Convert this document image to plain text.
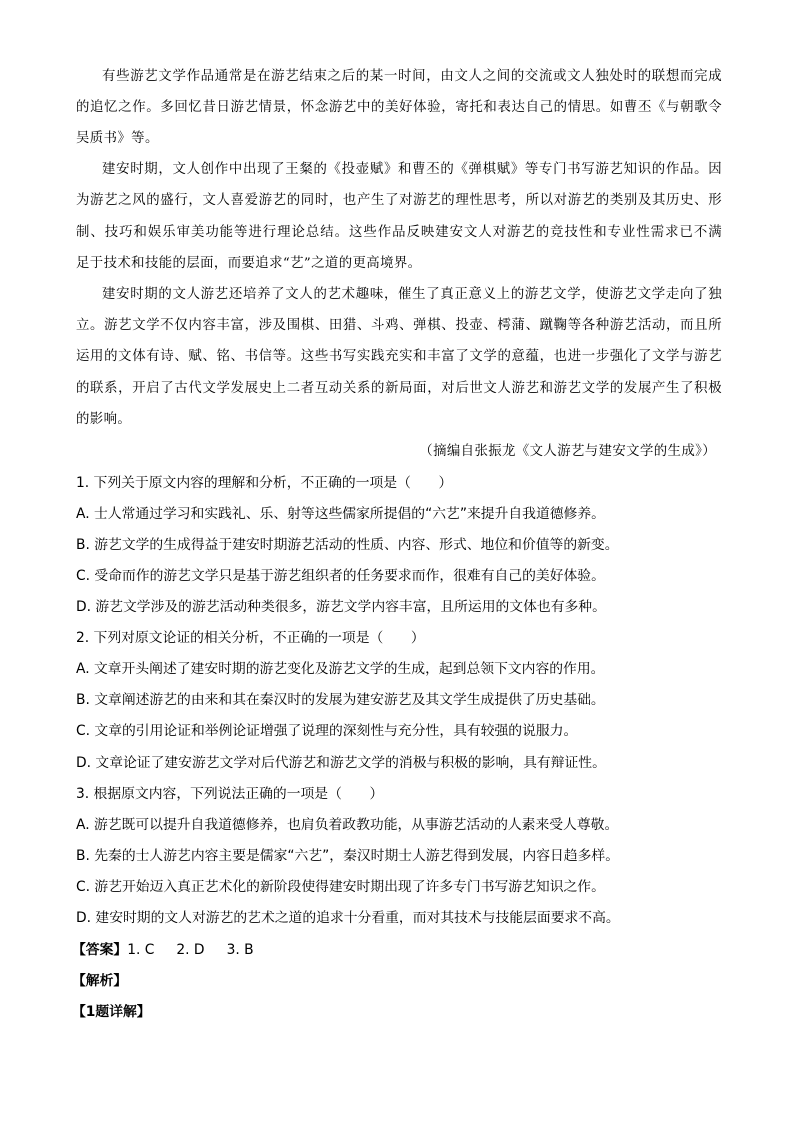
有些游艺文学作品通常是在游艺结束之后的某一时间，由文人之间的交流或文人独处时的联想而完成
的追忆之作。多回忆昔日游艺情景，怀念游艺中的美好体验，寄托和表达自己的情思。如曹丕《与朝歌令
吴质书》等。
建安时期，文人创作中出现了王粲的《投壶赋》和曹丕的《弹棋赋》等专门书写游艺知识的作品。因
为游艺之风的盛行，文人喜爱游艺的同时，也产生了对游艺的理性思考，所以对游艺的类别及其历史、形
制、技巧和娱乐审美功能等进行理论总结。这些作品反映建安文人对游艺的竞技性和专业性需求已不满
足于技术和技能的层面，而要追求“艺”之道的更高境界。
建安时期的文人游艺还培养了文人的艺术趣味，催生了真正意义上的游艺文学，使游艺文学走向了独
立。游艺文学不仅内容丰富，涉及围棋、田猎、斗鸡、弹棋、投壶、樗蒲、蹴鞠等各种游艺活动，而且所
运用的文体有诗、赋、铭、书信等。这些书写实践充实和丰富了文学的意蕴，也进一步强化了文学与游艺
的联系，开启了古代文学发展史上二者互动关系的新局面，对后世文人游艺和游艺文学的发展产生了积极
的影响。
（摘编自张振龙《文人游艺与建安文学的生成》）
1. 下列关于原文内容的理解和分析，不正确的一项是（　　）
A. 士人常通过学习和实践礼、乐、射等这些儒家所提倡的“六艺”来提升自我道德修养。
B. 游艺文学的生成得益于建安时期游艺活动的性质、内容、形式、地位和价值等的新变。
C. 受命而作的游艺文学只是基于游艺组织者的任务要求而作，很难有自己的美好体验。
D. 游艺文学涉及的游艺活动种类很多，游艺文学内容丰富，且所运用的文体也有多种。
2. 下列对原文论证的相关分析，不正确的一项是（　　）
A. 文章开头阐述了建安时期的游艺变化及游艺文学的生成，起到总领下文内容的作用。
B. 文章阐述游艺的由来和其在秦汉时的发展为建安游艺及其文学生成提供了历史基础。
C. 文章的引用论证和举例论证增强了说理的深刻性与充分性，具有较强的说服力。
D. 文章论证了建安游艺文学对后代游艺和游艺文学的消极与积极的影响，具有辩证性。
3. 根据原文内容，下列说法正确的一项是（　　）
A. 游艺既可以提升自我道德修养，也肩负着政教功能，从事游艺活动的人素来受人尊敬。
B. 先秦的士人游艺内容主要是儒家“六艺”，秦汉时期士人游艺得到发展，内容日趋多样。
C. 游艺开始迈入真正艺术化的新阶段使得建安时期出现了许多专门书写游艺知识之作。
D. 建安时期的文人对游艺的艺术之道的追求十分看重，而对其技术与技能层面要求不高。
【答案】1. C 2. D 3. B
【解析】
【1题详解】
